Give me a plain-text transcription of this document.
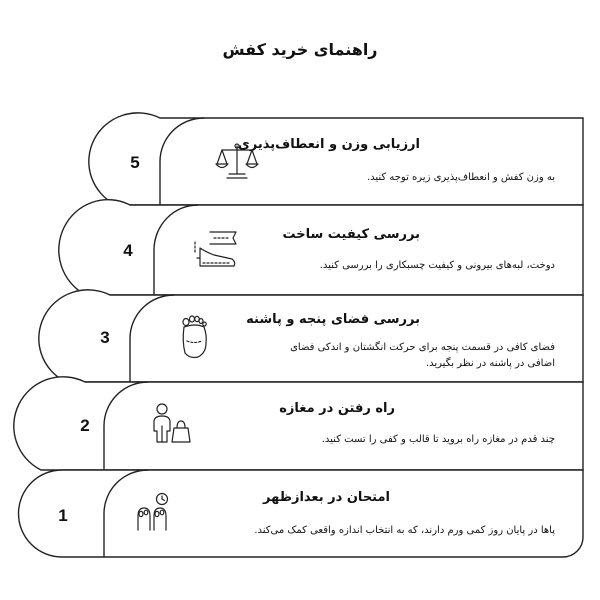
راهنمای خرید کفش
5
ارزیابی وزن و انعطاف‌پذیری
به وزن کفش و انعطاف‌پذیری زیره توجه کنید.
4
بررسی کیفیت ساخت
دوخت، لبه‌های بیرونی و کیفیت چسبکاری را بررسی کنید.
3
بررسی فضای پنجه و پاشنه
فضای کافی در قسمت پنجه برای حرکت انگشتان و اندکی فضای اضافی در پاشنه در نظر بگیرید.
2
راه رفتن در مغازه
چند قدم در مغازه راه بروید تا قالب و کفی را تست کنید.
1
امتحان در بعدازظهر
پاها در پایان روز کمی ورم دارند، که به انتخاب اندازه واقعی کمک می‌کند.
